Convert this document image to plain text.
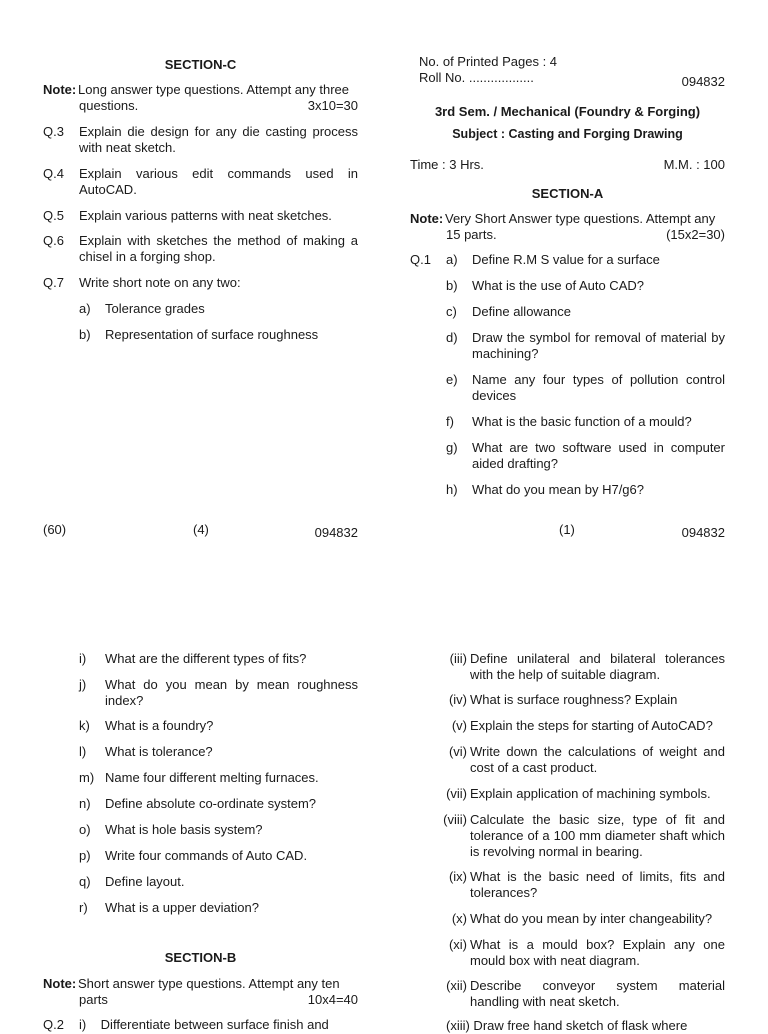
SECTION-C
Note: Long answer type questions. Attempt any three
questions.	3x10=30
Q.3 Explain die design for any die casting process with neat sketch.
Q.4 Explain various edit commands used in AutoCAD.
Q.5 Explain various patterns with neat sketches.
Q.6 Explain with sketches the method of making a chisel in a forging shop.
Q.7 Write short note on any two:
a) Tolerance grades
b) Representation of surface roughness
(60)	(4)	094832
No. of Printed Pages : 4
Roll No. ..................	094832
3rd Sem. / Mechanical (Foundry & Forging)
Subject : Casting and Forging Drawing
Time : 3 Hrs.	M.M. : 100
SECTION-A
Note: Very Short Answer type questions. Attempt any
15 parts.	(15x2=30)
Q.1 a) Define R.M S value for a surface
b) What is the use of Auto CAD?
c) Define allowance
d) Draw the symbol for removal of material by machining?
e) Name any four types of pollution control devices
f) What is the basic function of a mould?
g) What are two software used in computer aided drafting?
h) What do you mean by H7/g6?
(1)	094832
i) What are the different types of fits?
j) What do you mean by mean roughness index?
k) What is a foundry?
l) What is tolerance?
m) Name four different melting furnaces.
n) Define absolute co-ordinate system?
o) What is hole basis system?
p) Write four commands of Auto CAD.
q) Define layout.
r) What is a upper deviation?
SECTION-B
Note: Short answer type questions. Attempt any ten
parts	10x4=40
Q.2 i)    Differentiate between surface finish and
(iii) Define unilateral and bilateral tolerances with the help of suitable diagram.
(iv) What is surface roughness? Explain
(v) Explain the steps for starting of AutoCAD?
(vi) Write down the calculations of weight and cost of a cast product.
(vii) Explain application of machining symbols.
(viii) Calculate the basic size, type of fit and tolerance of a 100 mm diameter shaft which is revolving normal in bearing.
(ix) What is the basic need of limits, fits and tolerances?
(x) What do you mean by inter changeability?
(xi) What is a mould box? Explain any one mould box with neat diagram.
(xii) Describe conveyor system material handling with neat sketch.
(xiii) Draw free hand sketch of flask where
